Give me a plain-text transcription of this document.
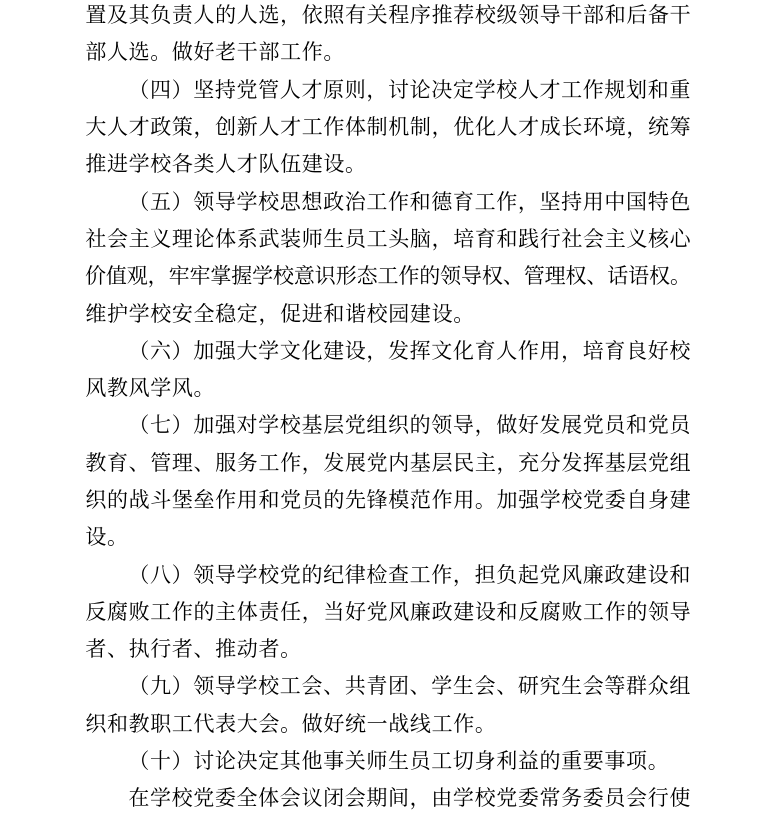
置 及 其 负 责 人 的 人 选 ， 依 照 有 关 程 序 推 荐 校 级 领 导 干 部 和 后 备 干
部 人 选 。 做 好 老 干 部 工 作 。
（ 四 ） 坚 持 党 管 人 才 原 则 ， 讨 论 决 定 学 校 人 才 工 作 规 划 和 重
大 人 才 政 策 ， 创 新 人 才 工 作 体 制 机 制 ， 优 化 人 才 成 长 环 境 ， 统 筹
推 进 学 校 各 类 人 才 队 伍 建 设 。
（ 五 ） 领 导 学 校 思 想 政 治 工 作 和 德 育 工 作 ， 坚 持 用 中 国 特 色
社 会 主 义 理 论 体 系 武 装 师 生 员 工 头 脑 ， 培 育 和 践 行 社 会 主 义 核 心
价 值 观 ， 牢 牢 掌 握 学 校 意 识 形 态 工 作 的 领 导 权 、 管 理 权 、 话 语 权 。
维 护 学 校 安 全 稳 定 ， 促 进 和 谐 校 园 建 设 。
（ 六 ） 加 强 大 学 文 化 建 设 ， 发 挥 文 化 育 人 作 用 ， 培 育 良 好 校
风 教 风 学 风 。
（ 七 ） 加 强 对 学 校 基 层 党 组 织 的 领 导 ， 做 好 发 展 党 员 和 党 员
教 育 、 管 理 、 服 务 工 作 ， 发 展 党 内 基 层 民 主 ， 充 分 发 挥 基 层 党 组
织 的 战 斗 堡 垒 作 用 和 党 员 的 先 锋 模 范 作 用 。 加 强 学 校 党 委 自 身 建
设 。
（ 八 ） 领 导 学 校 党 的 纪 律 检 查 工 作 ， 担 负 起 党 风 廉 政 建 设 和
反 腐 败 工 作 的 主 体 责 任 ， 当 好 党 风 廉 政 建 设 和 反 腐 败 工 作 的 领 导
者 、 执 行 者 、 推 动 者 。
（ 九 ） 领 导 学 校 工 会 、 共 青 团 、 学 生 会 、 研 究 生 会 等 群 众 组
织 和 教 职 工 代 表 大 会 。 做 好 统 一 战 线 工 作 。
（ 十 ） 讨 论 决 定 其 他 事 关 师 生 员 工 切 身 利 益 的 重 要 事 项 。
在 学 校 党 委 全 体 会 议 闭 会 期 间 ， 由 学 校 党 委 常 务 委 员 会 行 使
